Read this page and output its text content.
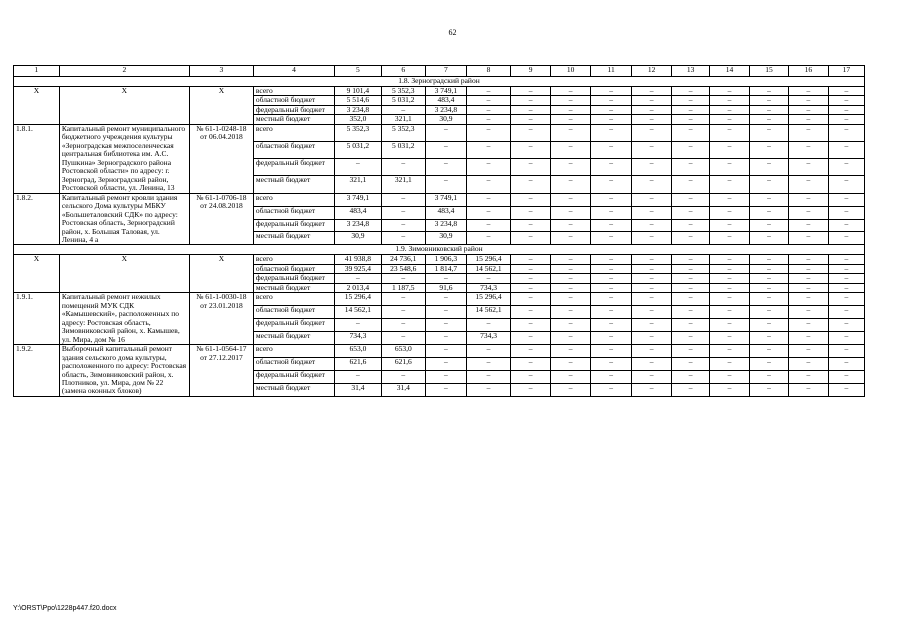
62
1	2	3	4	5	6	7	8	9	10	11	12	13	14	15	16	17
1.8. Зерноградский район																
Х	Х	Х	всего	9 101,4	5 352,3	3 749,1	–	–	–	–	–	–	–	–	–	–
			областной бюджет	5 514,6	5 031,2	483,4	–	–	–	–	–	–	–	–	–	–
			федеральный бюджет	3 234,8	–	3 234,8	–	–	–	–	–	–	–	–	–	–
			местный бюджет	352,0	321,1	30,9	–	–	–	–	–	–	–	–	–	–
1.8.1.	Капитальный ремонт муниципального бюджетного учреждения культуры «Зерноградская межпоселенческая центральная библиотека им. А.С. Пушкина» Зерноградского района Ростовской области» по адресу: г. Зерноград, Зерноградский район, Ростовской области, ул. Ленина, 13	№ 61-1-0248-18 от 06.04.2018	всего	5 352,3	5 352,3	–	–	–	–	–	–	–	–	–	–	–
			областной бюджет	5 031,2	5 031,2	–	–	–	–	–	–	–	–	–	–	–
			федеральный бюджет	–	–	–	–	–	–	–	–	–	–	–	–	–
			местный бюджет	321,1	321,1	–	–	–	–	–	–	–	–	–	–	–
1.8.2.	Капитальный ремонт кровли здания сельского Дома культуры МБКУ «Большеталовский СДК» по адресу: Ростовская область, Зерноградский район, х. Большая Таловая, ул. Ленина, 4 а	№ 61-1-0706-18 от 24.08.2018	всего	3 749,1	–	3 749,1	–	–	–	–	–	–	–	–	–	–
			областной бюджет	483,4	–	483,4	–	–	–	–	–	–	–	–	–	–
			федеральный бюджет	3 234,8	–	3 234,8	–	–	–	–	–	–	–	–	–	–
			местный бюджет	30,9	–	30,9	–	–	–	–	–	–	–	–	–	–
1.9. Зимовниковский район																
Х	Х	Х	всего	41 938,8	24 736,1	1 906,3	15 296,4	–	–	–	–	–	–	–	–	–
			областной бюджет	39 925,4	23 548,6	1 814,7	14 562,1	–	–	–	–	–	–	–	–	–
			федеральный бюджет	–	–	–	–	–	–	–	–	–	–	–	–	–
			местный бюджет	2 013,4	1 187,5	91,6	734,3	–	–	–	–	–	–	–	–	–
1.9.1.	Капитальный ремонт нежилых помещений МУК СДК «Камышевский», расположенных по адресу: Ростовская область, Зимовниковский район, х. Камышев, ул. Мира, дом № 16	№ 61-1-0030-18 от 23.01.2018	всего	15 296,4	–	–	15 296,4	–	–	–	–	–	–	–	–	–
			областной бюджет	14 562,1	–	–	14 562,1	–	–	–	–	–	–	–	–	–
			федеральный бюджет	–	–	–	–	–	–	–	–	–	–	–	–	–
			местный бюджет	734,3	–	–	734,3	–	–	–	–	–	–	–	–	–
1.9.2.	Выборочный капитальный ремонт здания сельского дома культуры, расположенного по адресу: Ростовская область, Зимовниковский район, х. Плотников, ул. Мира, дом № 22 (замена оконных блоков)	№ 61-1-0564-17 от 27.12.2017	всего	653,0	653,0	–	–	–	–	–	–	–	–	–	–	–
			областной бюджет	621,6	621,6	–	–	–	–	–	–	–	–	–	–	–
			федеральный бюджет	–	–	–	–	–	–	–	–	–	–	–	–	–
			местный бюджет	31,4	31,4	–	–	–	–	–	–	–	–	–	–	–
Y:\ORST\Ppo\1228p447.f20.docx
